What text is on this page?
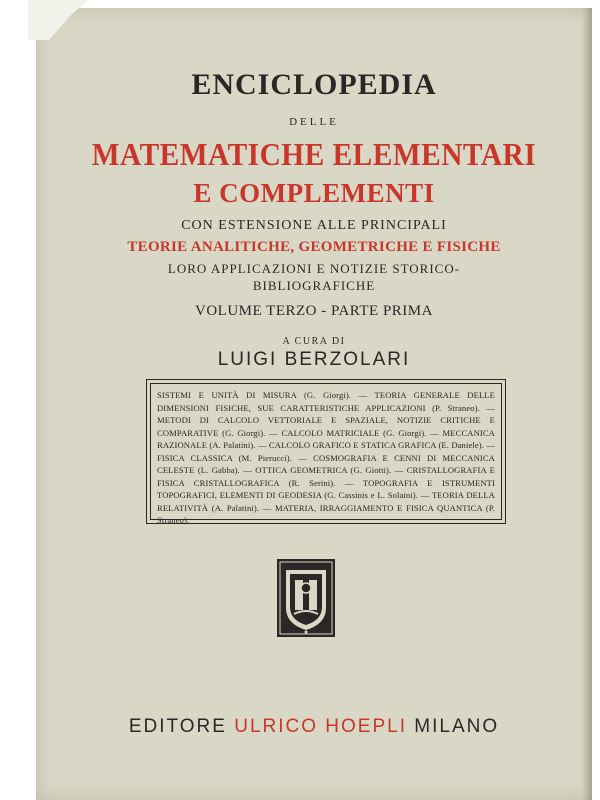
ENCICLOPEDIA
DELLE
MATEMATICHE ELEMENTARI
E COMPLEMENTI
CON ESTENSIONE ALLE PRINCIPALI
TEORIE ANALITICHE, GEOMETRICHE E FISICHE
LORO APPLICAZIONI E NOTIZIE STORICO-
BIBLIOGRAFICHE
VOLUME TERZO - PARTE PRIMA
A CURA DI
LUIGI BERZOLARI
SISTEMI E UNITÀ DI MISURA (G. Giorgi). — TEORIA GENERALE DELLE DIMENSIONI FISICHE, SUE CARATTERISTICHE APPLICAZIONI (P. Straneo). — METODI DI CALCOLO VETTORIALE E SPAZIALE, NOTIZIE CRITICHE E COMPARATIVE (G. Giorgi). — CALCOLO MATRICIALE (G. Giorgi). — MECCANICA RAZIONALE (A. Palatini). — CALCOLO GRAFICO E STATICA GRAFICA (E. Daniele). — FISICA CLASSICA (M. Pierucci). — COSMOGRAFIA E CENNI DI MECCANICA CELESTE (L. Gabba). — OTTICA GEOMETRICA (G. Giotti). — CRISTALLOGRAFIA E FISICA CRISTALLOGRAFICA (R. Serini). — TOPOGRAFIA E ISTRUMENTI TOPOGRAFICI, ELEMENTI DI GEODESIA (G. Cassinis e L. Solaini). — TEORIA DELLA RELATIVITÀ (A. Palatini). — MATERIA, IRRAGGIAMENTO E FISICA QUANTICA (P. Straneo).
EDITORE ULRICO HOEPLI MILANO
